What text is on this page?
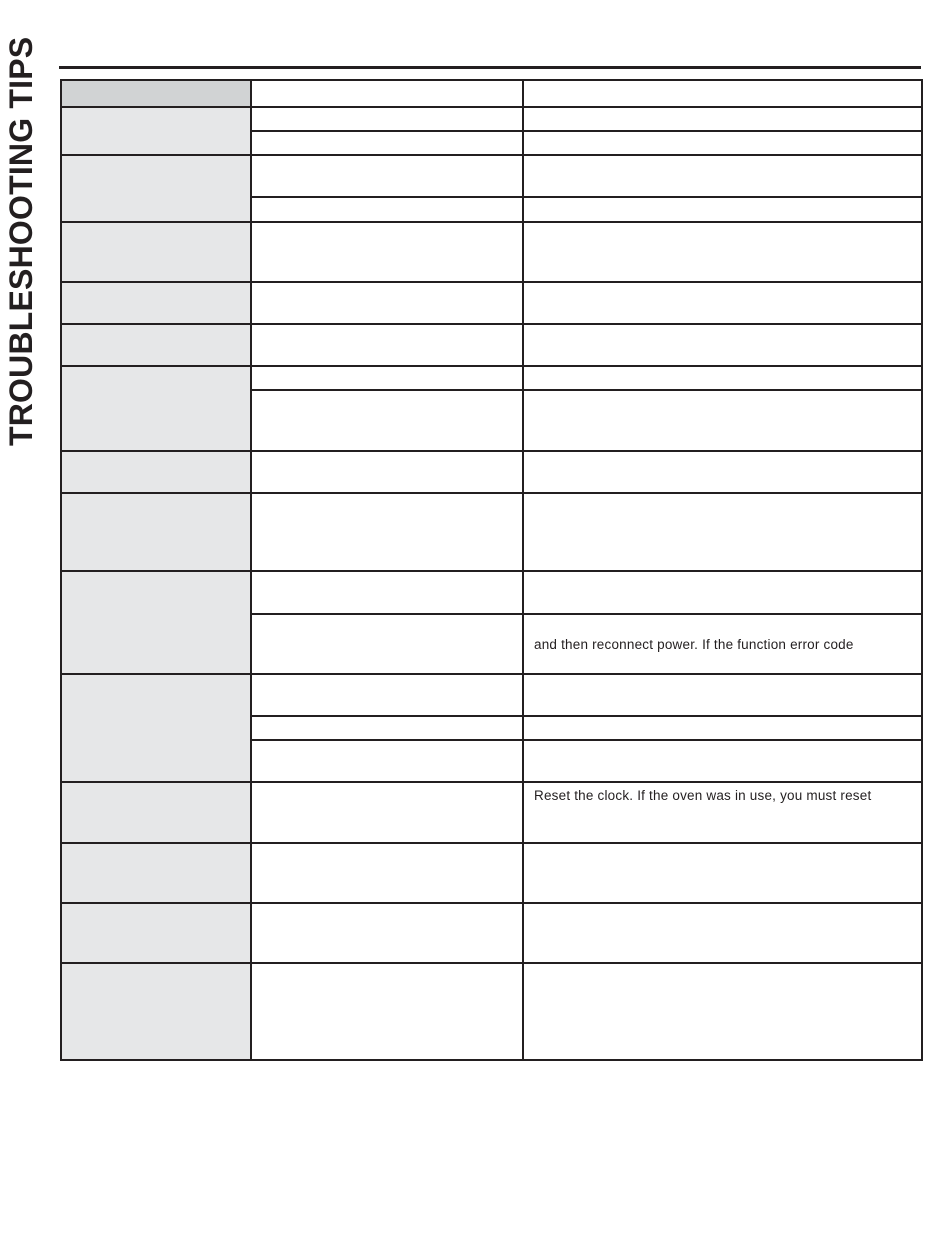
TROUBLESHOOTING TIPS

		and then reconnect power. If the function error code

		Reset the clock. If the oven was in use, you must reset
